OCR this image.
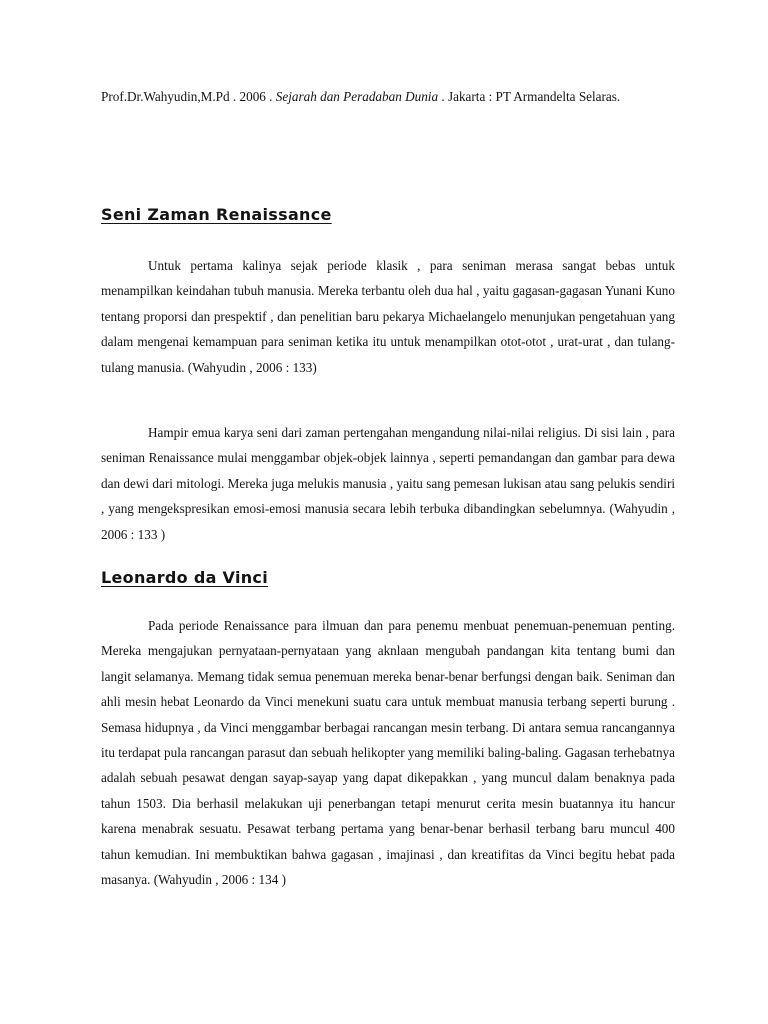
Prof.Dr.Wahyudin,M.Pd . 2006 . Sejarah dan Peradaban Dunia . Jakarta : PT Armandelta Selaras.
Seni Zaman Renaissance

Untuk pertama kalinya sejak periode klasik , para seniman merasa sangat bebas untuk menampilkan keindahan tubuh manusia. Mereka terbantu oleh dua hal , yaitu gagasan-gagasan Yunani Kuno tentang proporsi dan prespektif , dan penelitian baru pekarya Michaelangelo menunjukan pengetahuan yang dalam mengenai kemampuan para seniman ketika itu untuk menampilkan otot-otot , urat-urat , dan tulang-tulang manusia. (Wahyudin , 2006 : 133)

Hampir emua karya seni dari zaman pertengahan mengandung nilai-nilai religius. Di sisi lain , para seniman Renaissance mulai menggambar objek-objek lainnya , seperti pemandangan dan gambar para dewa dan dewi dari mitologi. Mereka juga melukis manusia , yaitu sang pemesan lukisan atau sang pelukis sendiri , yang mengekspresikan emosi-emosi manusia secara lebih terbuka dibandingkan sebelumnya. (Wahyudin , 2006 : 133 )

Leonardo da Vinci

Pada periode Renaissance para ilmuan dan para penemu menbuat penemuan-penemuan penting. Mereka mengajukan pernyataan-pernyataan yang aknlaan mengubah pandangan kita tentang bumi dan langit selamanya. Memang tidak semua penemuan mereka benar-benar berfungsi dengan baik. Seniman dan ahli mesin hebat Leonardo da Vinci menekuni suatu cara untuk membuat manusia terbang seperti burung . Semasa hidupnya , da Vinci menggambar berbagai rancangan mesin terbang. Di antara semua rancangannya itu terdapat pula rancangan parasut dan sebuah helikopter yang memiliki baling-baling. Gagasan terhebatnya adalah sebuah pesawat dengan sayap-sayap yang dapat dikepakkan , yang muncul dalam benaknya pada tahun 1503. Dia berhasil melakukan uji penerbangan tetapi menurut cerita mesin buatannya itu hancur karena menabrak sesuatu. Pesawat terbang pertama yang benar-benar berhasil terbang baru muncul 400 tahun kemudian. Ini membuktikan bahwa gagasan , imajinasi , dan kreatifitas da Vinci begitu hebat pada masanya. (Wahyudin , 2006 : 134 )
